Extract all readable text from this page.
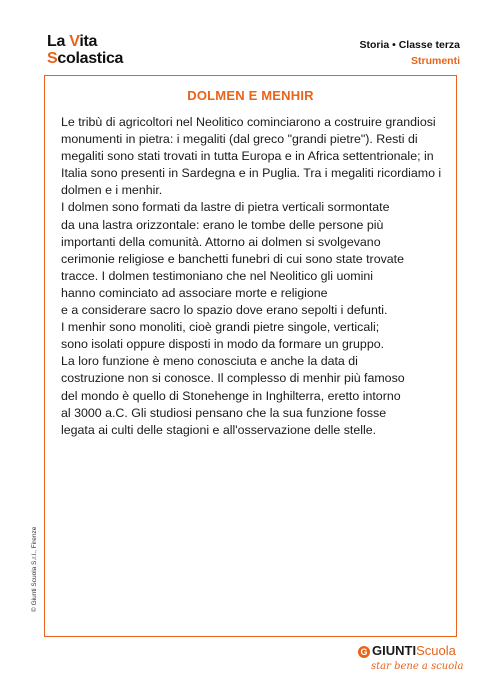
La Vita
Scolastica
Storia • Classe terza
Strumenti
DOLMEN E MENHIR

Le tribù di agricoltori nel Neolitico cominciarono a costruire grandiosi monumenti in pietra: i megaliti (dal greco "grandi pietre"). Resti di megaliti sono stati trovati in tutta Europa e in Africa settentrionale; in Italia sono presenti in Sardegna e in Puglia. Tra i megaliti ricordiamo i dolmen e i menhir.

I dolmen sono formati da lastre di pietra verticali sormontate
da una lastra orizzontale: erano le tombe delle persone più
importanti della comunità. Attorno ai dolmen si svolgevano
cerimonie religiose e banchetti funebri di cui sono state trovate
tracce. I dolmen testimoniano che nel Neolitico gli uomini
hanno cominciato ad associare morte e religione
e a considerare sacro lo spazio dove erano sepolti i defunti.
I menhir sono monoliti, cioè grandi pietre singole, verticali;
sono isolati oppure disposti in modo da formare un gruppo.
La loro funzione è meno conosciuta e anche la data di
costruzione non si conosce. Il complesso di menhir più famoso
del mondo è quello di Stonehenge in Inghilterra, eretto intorno
al 3000 a.C. Gli studiosi pensano che la sua funzione fosse
legata ai culti delle stagioni e all'osservazione delle stelle.
© Giunti Scuola S.r.l., Firenze
G GIUNTIScuola
star bene a scuola
